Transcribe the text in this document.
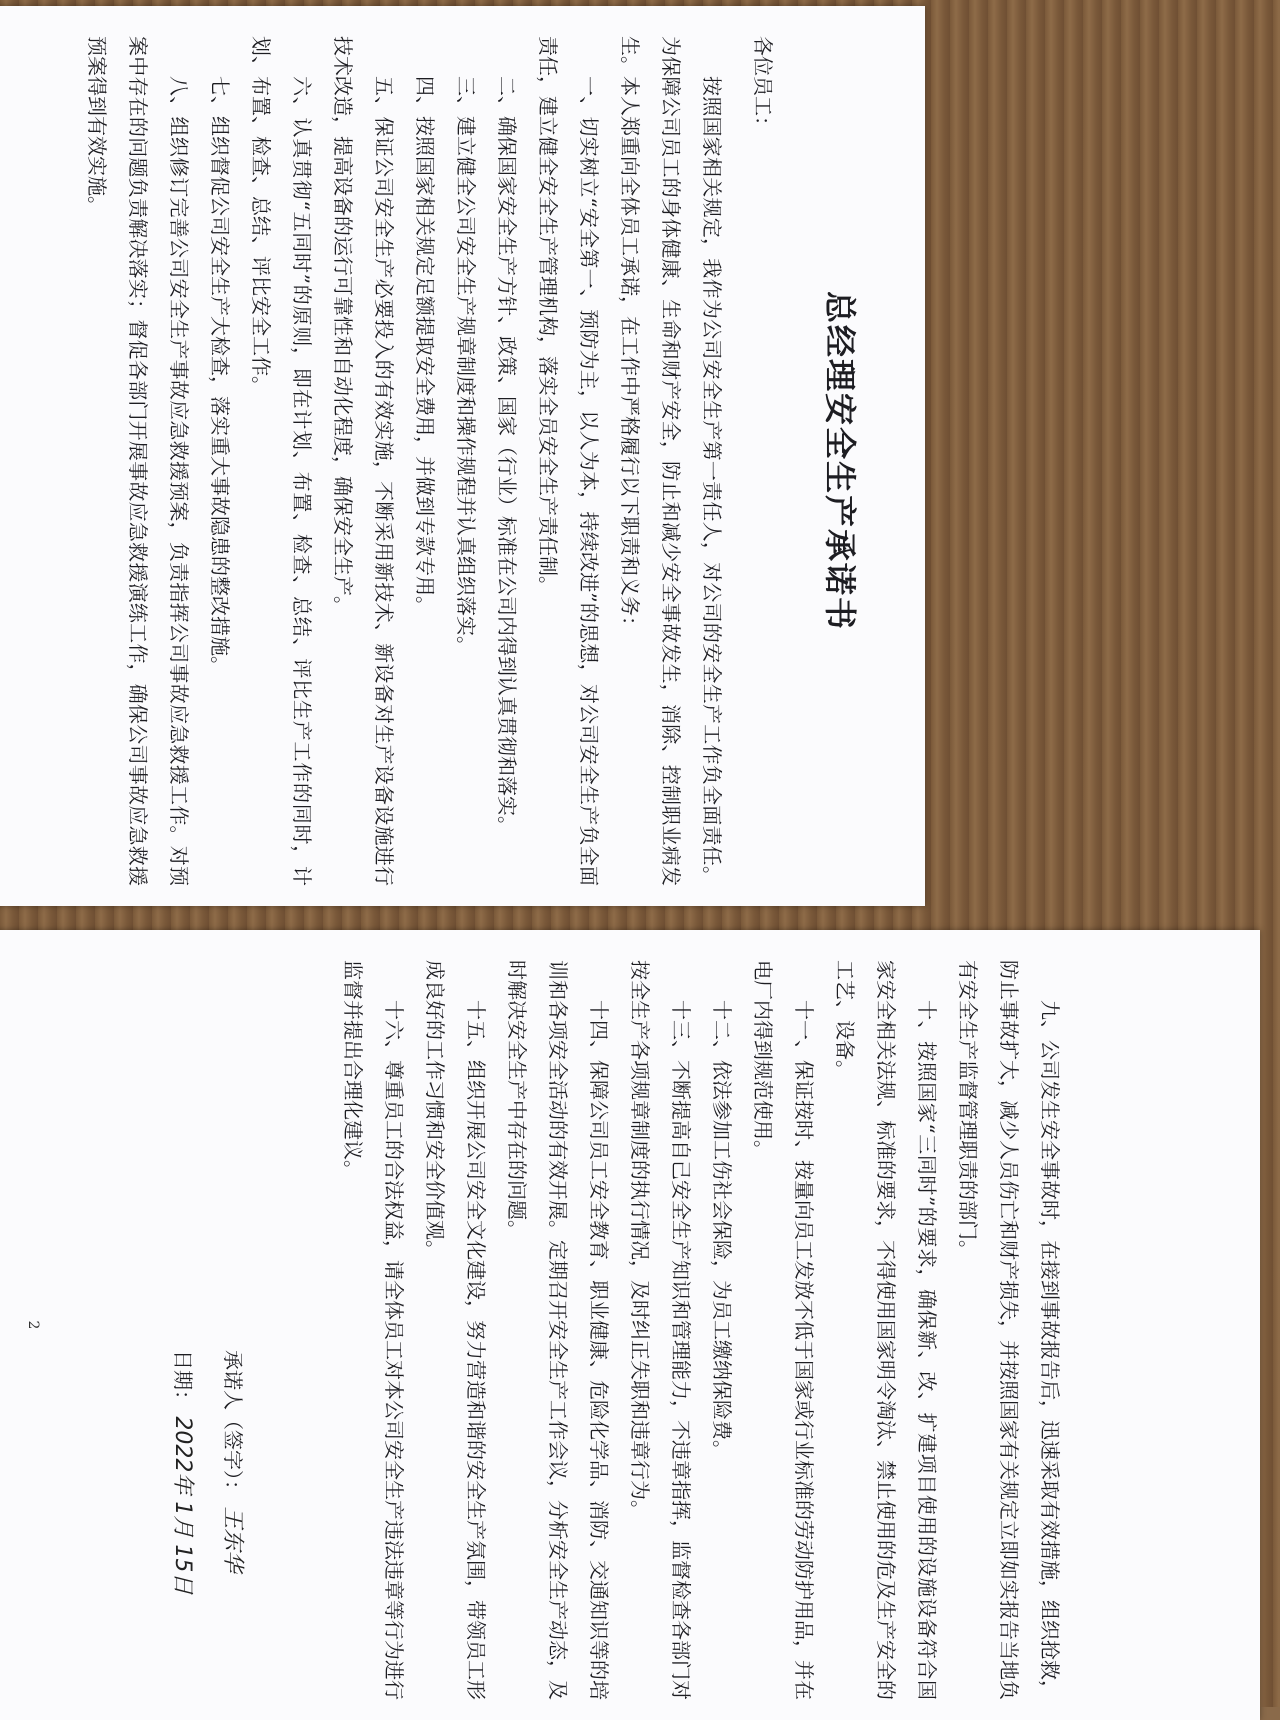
总经理安全生产承诺书

各位员工：

按照国家相关规定，我作为公司安全生产第一责任人，对公司的安全生产工作负全面责任。为保障公司员工的身体健康、生命和财产安全，防止和减少安全事故发生，消除、控制职业病发生。本人郑重向全体员工承诺，在工作中严格履行以下职责和义务：

一、切实树立“安全第一、预防为主，以人为本，持续改进”的思想，对公司安全生产负全面责任，建立健全安全生产管理机构，落实全员安全生产责任制。

二、确保国家安全生产方针、政策、国家（行业）标准在公司内得到认真贯彻和落实。

三、建立健全公司安全生产规章制度和操作规程并认真组织落实。

四、按照国家相关规定足额提取安全费用，并做到专款专用。

五、保证公司安全生产必要投入的有效实施，不断采用新技术、新设备对生产设备设施进行技术改造，提高设备的运行可靠性和自动化程度，确保安全生产。

六、认真贯彻“五同时”的原则，即在计划、布置、检查、总结、评比生产工作的同时，计划、布置、检查、总结、评比安全工作。

七、组织督促公司安全生产大检查，落实重大事故隐患的整改措施。

八、组织修订完善公司安全生产事故应急救援预案，负责指挥公司事故应急救援工作。对预案中存在的问题负责解决落实；督促各部门开展事故应急救援演练工作，确保公司事故应急救援预案得到有效实施。

九、公司发生安全事故时，在接到事故报告后，迅速采取有效措施，组织抢救，防止事故扩大，减少人员伤亡和财产损失，并按照国家有关规定立即如实报告当地负有安全生产监督管理职责的部门。

十、按照国家“三同时”的要求，确保新、改、扩建项目使用的设施设备符合国家安全相关法规、标准的要求，不得使用国家明令淘汰、禁止使用的危及生产安全的工艺、设备。

十一、保证按时、按量向员工发放不低于国家或行业标准的劳动防护用品，并在电厂内得到规范使用。

十二、依法参加工伤社会保险，为员工缴纳保险费。

十三、不断提高自己安全生产知识和管理能力，不违章指挥，监督检查各部门对按全生产各项规章制度的执行情况，及时纠正失职和违章行为。

十四、保障公司员工安全教育、职业健康、危险化学品、消防、交通知识等的培训和各项安全活动的有效开展。定期召开安全生产工作会议，分析安全生产动态，及时解决安全生产中存在的问题。

十五、组织开展公司安全文化建设，努力营造和谐的安全生产氛围，带领员工形成良好的工作习惯和安全价值观。

十六、尊重员工的合法权益，请全体员工对本公司安全生产违法违章等行为进行监督并提出合理化建议。

承诺人（签字）： 王东华
日期： 2022年 1月 15日
2
